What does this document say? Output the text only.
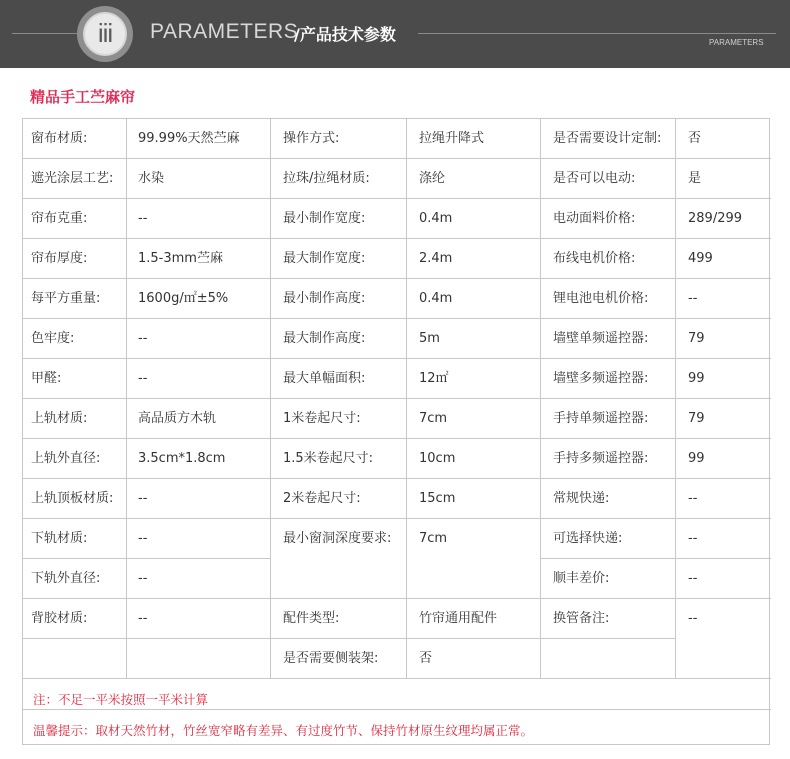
iii	PARAMETERS
/产品技术参数	PARAMETERS
精品手工苎麻帘
窗布材质:	99.99%天然苎麻	操作方式:	拉绳升降式	是否需要设计定制: 否
遮光涂层工艺: 水染	拉珠/拉绳材质:	涤纶	是否可以电动:	是
帘布克重:	--	最小制作宽度:	0.4m	电动面料价格:	289/299
帘布厚度:	1.5-3mm苎麻	最大制作宽度:	2.4m	布线电机价格:	499
每平方重量:	1600g/㎡±5%	最小制作高度:	0.4m	锂电池电机价格:	--
色牢度:	--	最大制作高度:	5m	墙壁单频遥控器:	79
甲醛:	--	最大单幅面积:	12㎡	墙壁多频遥控器:	99
上轨材质:	高品质方木轨	1米卷起尺寸:	7cm	手持单频遥控器:	79
上轨外直径:	3.5cm*1.8cm	1.5米卷起尺寸:	10cm	手持多频遥控器:	99
上轨顶板材质: --	2米卷起尺寸:	15cm	常规快递:	--
下轨材质:	--	最小窗洞深度要求: 7cm	可选择快递:	--
下轨外直径:	--	顺丰差价:	--
背胶材质:	--	配件类型:	竹帘通用配件	换管备注:	--
是否需要侧装架:	否
注：不足一平米按照一平米计算
温馨提示：取材天然竹材，竹丝宽窄略有差异、有过度竹节、保持竹材原生纹理均属正常。
